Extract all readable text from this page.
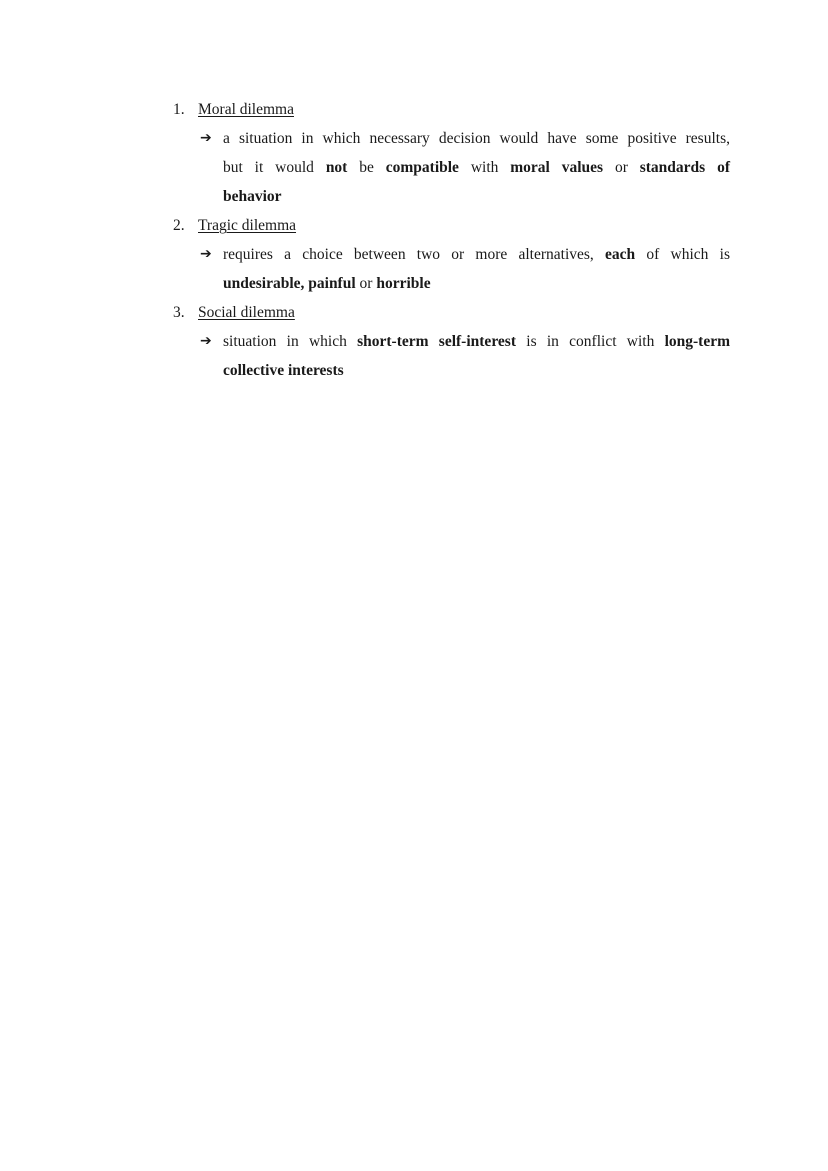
1. Moral dilemma
➔ a situation in which necessary decision would have some positive results,
but it would not be compatible with moral values or standards of
behavior
2. Tragic dilemma
➔ requires a choice between two or more alternatives, each of which is
undesirable, painful or horrible
3. Social dilemma
➔ situation in which short-term self-interest is in conflict with long-term
collective interests
